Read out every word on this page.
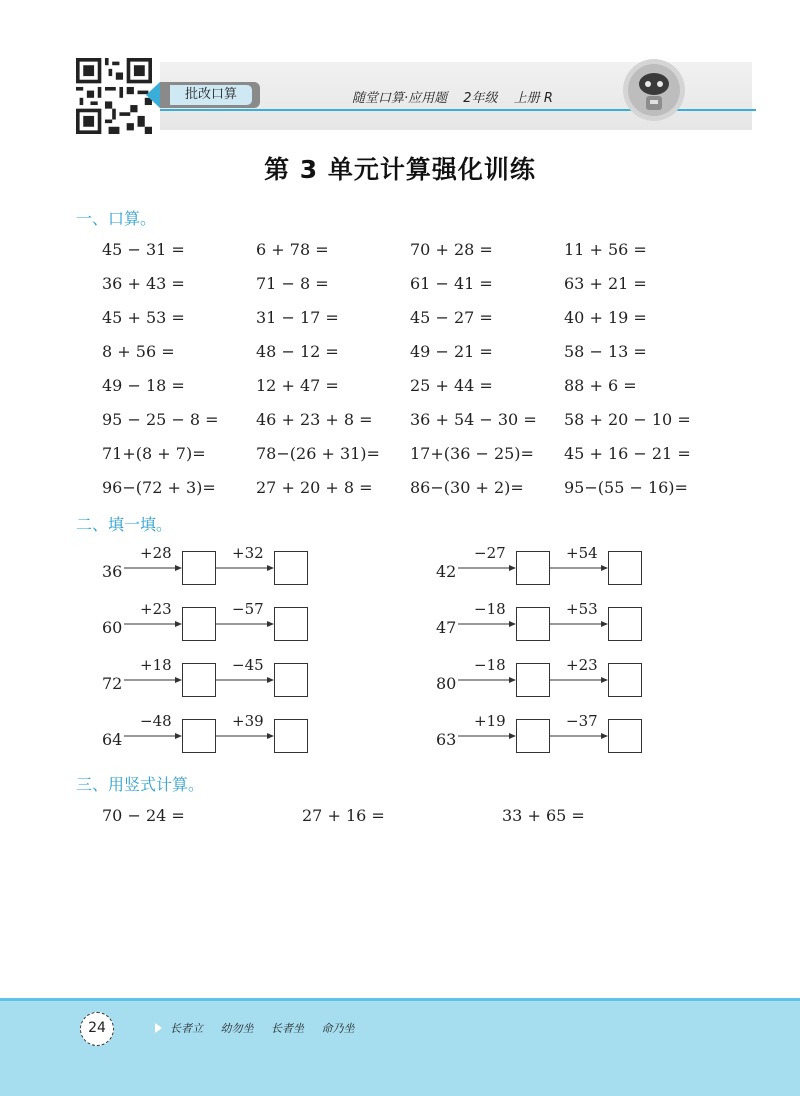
批改口算	随堂口算·应用题 2年级 上册 R
第 3 单元计算强化训练
一、口算。
45 − 31 =	6 + 78 =	70 + 28 =	11 + 56 =
36 + 43 =	71 − 8 =	61 − 41 =	63 + 21 =
45 + 53 =	31 − 17 =	45 − 27 =	40 + 19 =
8 + 56 =	48 − 12 =	49 − 21 =	58 − 13 =
49 − 18 =	12 + 47 =	25 + 44 =	88 + 6 =
95 − 25 − 8 = 46 + 23 + 8 = 36 + 54 − 30 = 58 + 20 − 10 =
71+(8 + 7)=	78−(26 + 31)= 17+(36 − 25)= 45 + 16 − 21 =
96−(72 + 3)=	27 + 20 + 8 = 86−(30 + 2)=	95−(55 − 16)=
二、填一填。
36
+28	+32
42
−27	+54
60
+23	−57
47
−18	+53
72
+18	−45
80
−18	+23
64
−48	+39
63
+19	−37
三、用竖式计算。
70 − 24 =	27 + 16 =	33 + 65 =
24	长者立 幼勿坐 长者坐 命乃坐
